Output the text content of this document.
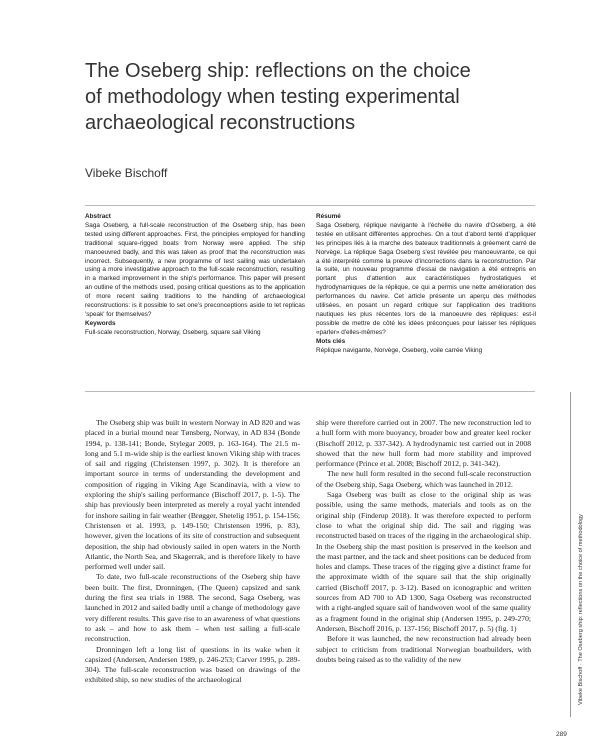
The Oseberg ship: reflections on the choice
of methodology when testing experimental
archaeological reconstructions

Vibeke Bischoff

Abstract

Saga Oseberg, a full-scale reconstruction of the Oseberg ship, has been tested using different approaches. First, the principles employed for handling traditional square-rigged boats from Norway were applied. The ship manoeuvred badly, and this was taken as proof that the reconstruction was incorrect. Subsequently, a new programme of test sailing was undertaken using a more investigative approach to the full-scale reconstruction, resulting in a marked improvement in the ship's performance. This paper will present an outline of the methods used, posing critical questions as to the application of more recent sailing traditions to the handling of archaeological reconstructions: is it possible to set one's preconceptions aside to let replicas 'speak' for themselves?

Keywords

Full-scale reconstruction, Norway, Oseberg, square sail Viking

Résumé

Saga Oseberg, réplique navigante à l'échelle du navire d'Oseberg, a été testée en utilisant différentes approches. On a tout d'abord tenté d'appliquer les principes liés à la marche des bateaux traditionnels à gréement carré de Norvège. La réplique Saga Oseberg s'est révélée peu manoeuvrante, ce qui a été interprété comme la preuve d'incorrections dans la reconstruction. Par la suite, un nouveau programme d'essai de navigation a été entrepris en portant plus d'attention aux caractéristiques hydrostatiques et hydrodynamiques de la réplique, ce qui a permis une nette amélioration des performances du navire. Cet article présente un aperçu des méthodes utilisées, en posant un regard critique sur l'application des traditions nautiques les plus récentes lors de la manoeuvre des répliques: est-il possible de mettre de côté les idées préconçues pour laisser les répliques «parler» d'elles-mêmes?

Mots clés

Réplique navigante, Norvège, Oseberg, voile carrée Viking

The Oseberg ship was built in western Norway in AD 820 and was placed in a burial mound near Tønsberg, Norway, in AD 834 (Bonde 1994, p. 138-141; Bonde, Stylegar 2009, p. 163-164). The 21.5 m-long and 5.1 m-wide ship is the earliest known Viking ship with traces of sail and rigging (Christensen 1997, p. 302). It is therefore an important source in terms of understanding the development and composition of rigging in Viking Age Scandinavia, with a view to exploring the ship's sailing performance (Bischoff 2017, p. 1-5). The ship has previously been interpreted as merely a royal yacht intended for inshore sailing in fair weather (Brøgger, Shetelig 1951, p. 154-156; Christensen et al. 1993, p. 149-150; Christensen 1996, p. 83), however, given the locations of its site of construction and subsequent deposition, the ship had obviously sailed in open waters in the North Atlantic, the North Sea, and Skagerrak, and is therefore likely to have performed well under sail.

To date, two full-scale reconstructions of the Oseberg ship have been built. The first, Dronningen, (The Queen) capsized and sank during the first sea trials in 1988. The second, Saga Oseberg, was launched in 2012 and sailed badly until a change of methodology gave very different results. This gave rise to an awareness of what questions to ask – and how to ask them – when test sailing a full-scale reconstruction.

Dronningen left a long list of questions in its wake when it capsized (Andersen, Andersen 1989, p. 246-253; Carver 1995, p. 289-304). The full-scale reconstruction was based on drawings of the exhibited ship, so new studies of the archaeological

ship were therefore carried out in 2007. The new reconstruction led to a hull form with more buoyancy, broader bow and greater keel rocker (Bischoff 2012, p. 337-342). A hydrodynamic test carried out in 2008 showed that the new hull form had more stability and improved performance (Prince et al. 2008; Bischoff 2012, p. 341-342).

The new hull form resulted in the second full-scale reconstruction of the Oseberg ship, Saga Oseberg, which was launched in 2012.

Saga Oseberg was built as close to the original ship as was possible, using the same methods, materials and tools as on the original ship (Finderup 2018). It was therefore expected to perform close to what the original ship did. The sail and rigging was reconstructed based on traces of the rigging in the archaeological ship. In the Oseberg ship the mast position is preserved in the keelson and the mast partner, and the tack and sheet positions can be deduced from holes and clamps. These traces of the rigging give a distinct frame for the approximate width of the square sail that the ship originally carried (Bischoff 2017, p. 3-12). Based on iconographic and written sources from AD 700 to AD 1300, Saga Oseberg was reconstructed with a right-angled square sail of handwoven wool of the same quality as a fragment found in the original ship (Andersen 1995, p. 249-270; Andersen, Bischoff 2016, p. 137-156; Bischoff 2017, p. 5) (fig. 1)

Before it was launched, the new reconstruction had already been subject to criticism from traditional Norwegian boatbuilders, with doubts being raised as to the validity of the new	Vibeke Bischoff · The Oseberg ship: reflections on the choice of methodology
289
